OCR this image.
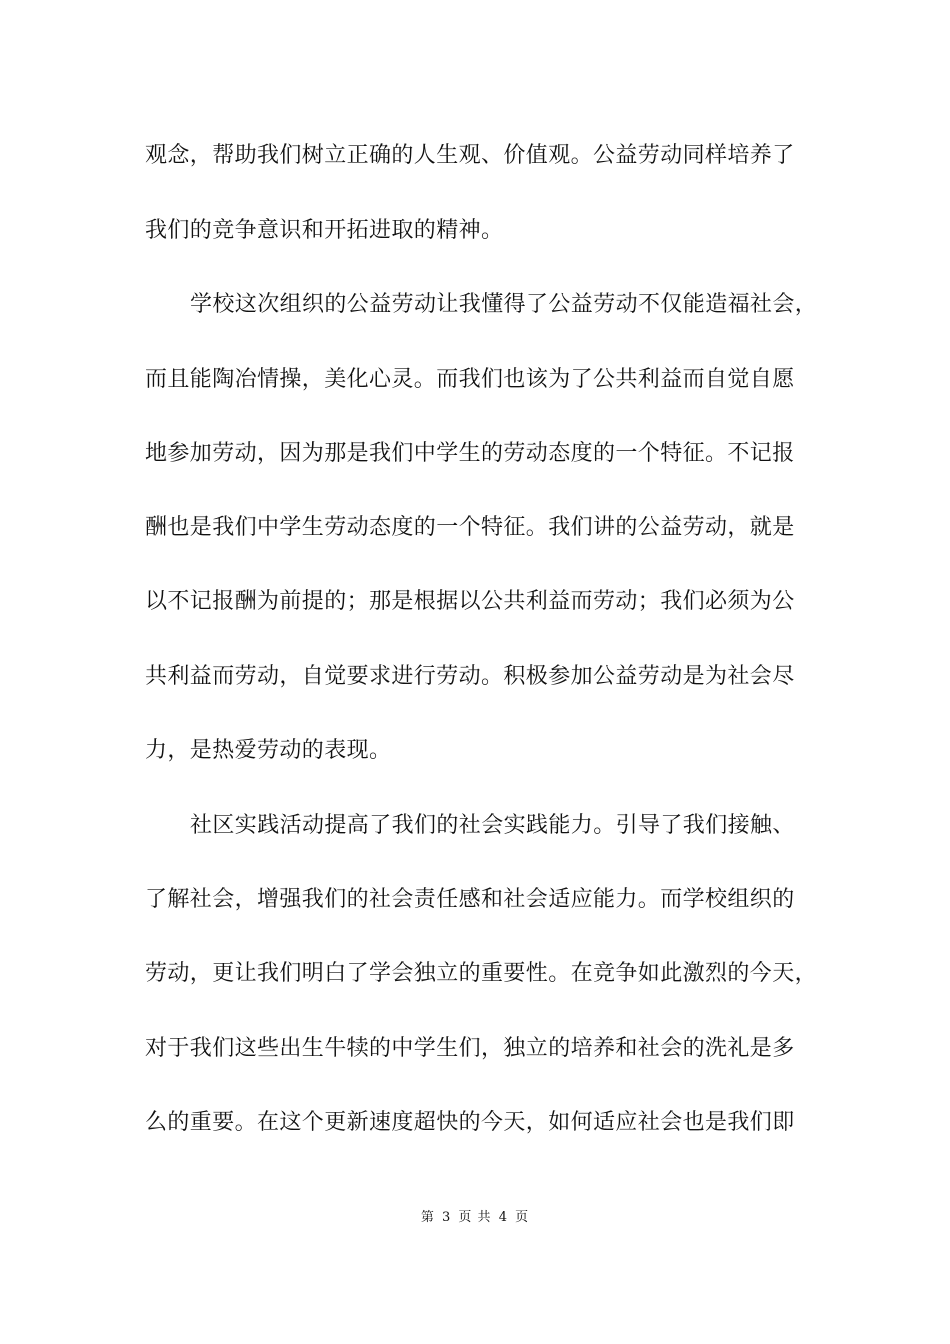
观念，帮助我们树立正确的人生观、价值观。公益劳动同样培养了
我们的竞争意识和开拓进取的精神。
学校这次组织的公益劳动让我懂得了公益劳动不仅能造福社会，
而且能陶冶情操，美化心灵。而我们也该为了公共利益而自觉自愿
地参加劳动，因为那是我们中学生的劳动态度的一个特征。不记报
酬也是我们中学生劳动态度的一个特征。我们讲的公益劳动，就是
以不记报酬为前提的；那是根据以公共利益而劳动；我们必须为公
共利益而劳动，自觉要求进行劳动。积极参加公益劳动是为社会尽
力，是热爱劳动的表现。
社区实践活动提高了我们的社会实践能力。引导了我们接触、
了解社会，增强我们的社会责任感和社会适应能力。而学校组织的
劳动，更让我们明白了学会独立的重要性。在竞争如此激烈的今天，
对于我们这些出生牛犊的中学生们，独立的培养和社会的洗礼是多
么的重要。在这个更新速度超快的今天，如何适应社会也是我们即
第 3 页 共 4 页
